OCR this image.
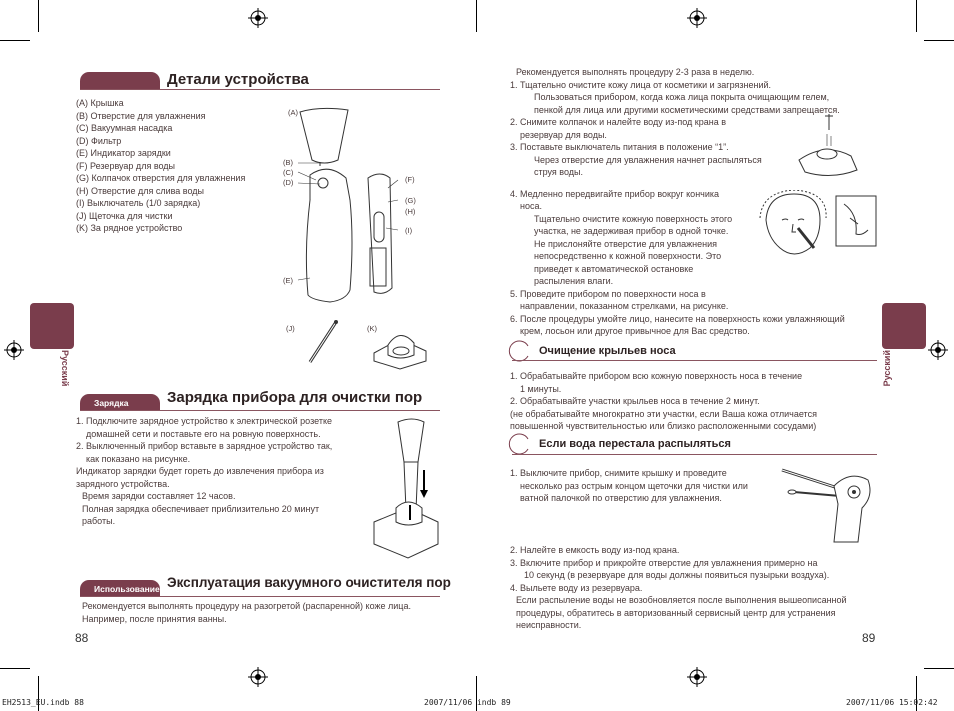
Детали устройства
(A) Крышка
(B) Отверстие для увлажнения
(C) Вакуумная насадка
(D) Фильтр
(E) Индикатор зарядки
(F) Резервуар для воды
(G) Колпачок отверстия для увлажнения
(H) Отверстие для слива воды
(I) Выключатель (1/0 зарядка)
(J) Щеточка для чистки
(K) За рядное устройство
(A)
(B)
(C)
(D)
(E)
(F)
(G)
(H)
(I)
(J)	(K)
Русский
Зарядка	Зарядка прибора для очистки пор
1. Подключите зарядное устройство к электрической розетке
домашней сети и поставьте его на ровную поверхность.
2. Выключенный прибор вставьте в зарядное устройство так,
как показано на рисунке.
Индикатор зарядки будет гореть до извлечения прибора из
зарядного устройства.
Время зарядки составляет 12 часов.
Полная зарядка обеспечивает приблизительно 20 минут
работы.
Использование Эксплуатация вакуумного очистителя пор
Рекомендуется выполнять процедуру на разогретой (распаренной) коже лица.
Например, после принятия ванны.
88
Рекомендуется выполнять процедуру 2-3 раза в неделю.
1. Тщательно очистите кожу лица от косметики и загрязнений.
Пользоваться прибором, когда кожа лица покрыта очищающим гелем,
пенкой для лица или другими косметическими средствами запрещается.
2. Снимите колпачок и налейте воду из-под крана в
резервуар для воды.
3. Поставьте выключатель питания в положение “1”.
Через отверстие для увлажнения начнет распыляться
струя воды.
4. Медленно передвигайте прибор вокруг кончика
носа.
Тщательно очистите кожную поверхность этого
участка, не задерживая прибор в одной точке.
Не прислоняйте отверстие для увлажнения
непосредственно к кожной поверхности. Это
приведет к автоматической остановке
распыления влаги.
5. Проведите прибором по поверхности носа в
направлении, показанном стрелками, на рисунке.
6. После процедуры умойте лицо, нанесите на поверхность кожи увлажняющий
крем, лосьон или другое привычное для Вас средство.
Русский
Очищение крыльев носа
1. Обрабатывайте прибором всю кожную поверхность носа в течение
1 минуты.
2. Обрабатывайте участки крыльев носа в течение 2 минут.
(не обрабатывайте многократно эти участки, если Ваша кожа отличается
повышенной чувствительностью или близко расположенными сосудами)
Если вода перестала распыляться
1. Выключите прибор, снимите крышку и проведите
несколько раз острым концом щеточки для чистки или
ватной палочкой по отверстию для увлажнения.
2. Налейте в емкость воду из-под крана.
3. Включите прибор и прикройте отверстие для увлажнения примерно на
10 секунд (в резервуаре для воды должны появиться пузырьки воздуха).
4. Выльете воду из резервуара.
Если распыление воды не возобновляется после выполнения вышеописанной
процедуры, обратитесь в авторизованный сервисный центр для устранения
неисправности.
89
EH2513_EU.indb 88	2007/11/06 indb 89	2007/11/06 15:02:42
